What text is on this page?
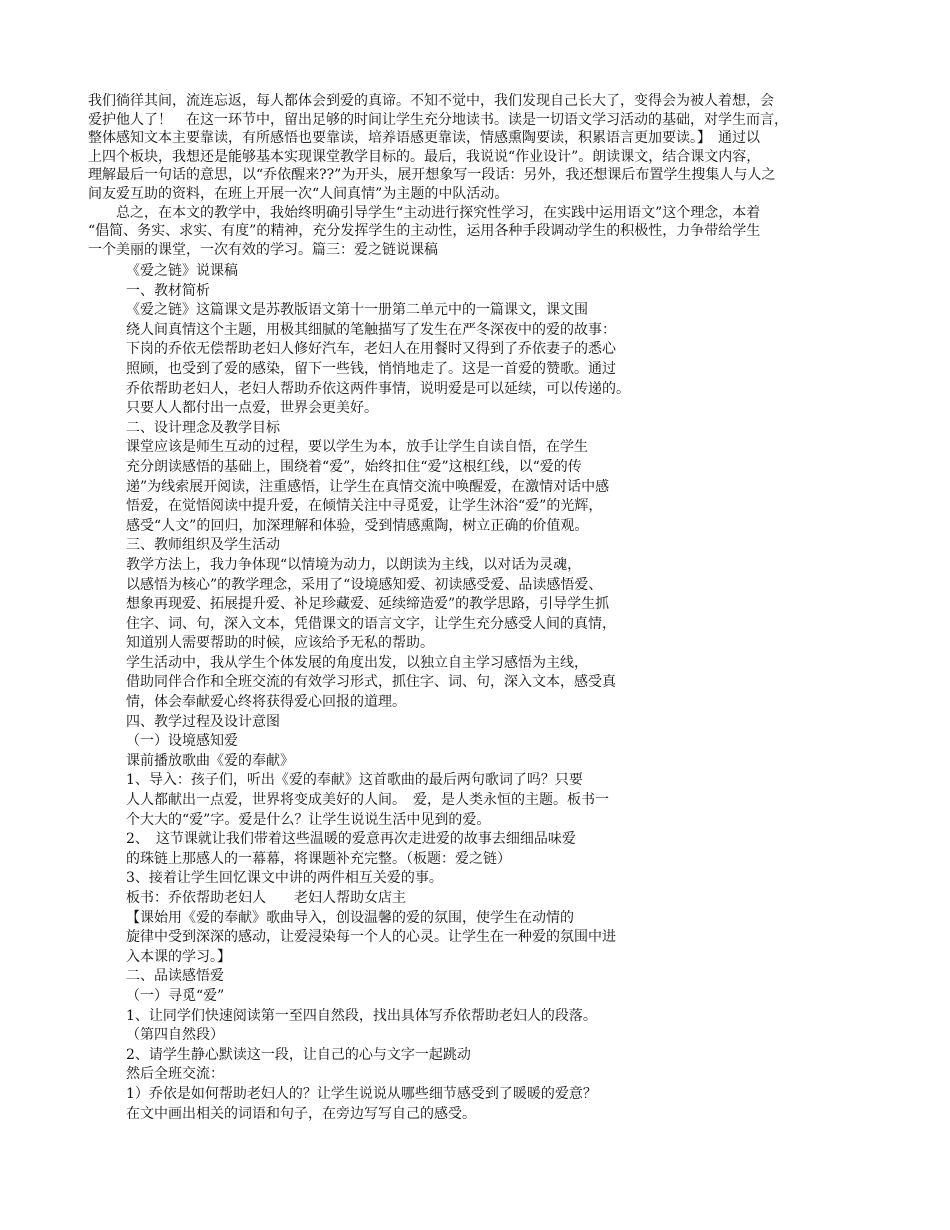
我们徜徉其间，流连忘返，每人都体会到爱的真谛。不知不觉中，我们发现自己长大了，变得会为被人着想，会
爱护他人了！　在这一环节中，留出足够的时间让学生充分地读书。读是一切语文学习活动的基础，对学生而言，
整体感知文本主要靠读，有所感悟也要靠读，培养语感更靠读，情感熏陶要读，积累语言更加要读。】　通过以
上四个板块，我想还是能够基本实现课堂教学目标的。最后，我说说“作业设计”。朗读课文，结合课文内容，
理解最后一句话的意思，以“乔依醒来??”为开头，展开想象写一段话：另外，我还想课后布置学生搜集人与人之
间友爱互助的资料，在班上开展一次“人间真情”为主题的中队活动。
　　总之，在本文的教学中，我始终明确引导学生“主动进行探究性学习，在实践中运用语文”这个理念，本着
“倡简、务实、求实、有度”的精神，充分发挥学生的主动性，运用各种手段调动学生的积极性，力争带给学生
一个美丽的课堂，一次有效的学习。篇三：爱之链说课稿
《爱之链》说课稿
一、教材简析
《爱之链》这篇课文是苏教版语文第十一册第二单元中的一篇课文，课文围
绕人间真情这个主题，用极其细腻的笔触描写了发生在严冬深夜中的爱的故事：
下岗的乔依无偿帮助老妇人修好汽车，老妇人在用餐时又得到了乔依妻子的悉心
照顾，也受到了爱的感染，留下一些钱，悄悄地走了。这是一首爱的赞歌。通过
乔依帮助老妇人，老妇人帮助乔依这两件事情，说明爱是可以延续，可以传递的。
只要人人都付出一点爱，世界会更美好。
二、设计理念及教学目标
课堂应该是师生互动的过程，要以学生为本，放手让学生自读自悟，在学生
充分朗读感悟的基础上，围绕着“爱”，始终扣住“爱”这根红线，以“爱的传
递”为线索展开阅读，注重感悟，让学生在真情交流中唤醒爱，在激情对话中感
悟爱，在觉悟阅读中提升爱，在倾情关注中寻觅爱，让学生沐浴“爱”的光辉，
感受“人文”的回归，加深理解和体验，受到情感熏陶，树立正确的价值观。
三、教师组织及学生活动
教学方法上，我力争体现“以情境为动力，以朗读为主线，以对话为灵魂，
以感悟为核心”的教学理念，采用了“设境感知爱、初读感受爱、品读感悟爱、
想象再现爱、拓展提升爱、补足珍藏爱、延续缔造爱”的教学思路，引导学生抓
住字、词、句，深入文本，凭借课文的语言文字，让学生充分感受人间的真情，
知道别人需要帮助的时候，应该给予无私的帮助。
学生活动中，我从学生个体发展的角度出发，以独立自主学习感悟为主线，
借助同伴合作和全班交流的有效学习形式，抓住字、词、句，深入文本，感受真
情，体会奉献爱心终将获得爱心回报的道理。
四、教学过程及设计意图
（一）设境感知爱
课前播放歌曲《爱的奉献》
1、导入：孩子们，听出《爱的奉献》这首歌曲的最后两句歌词了吗？只要
人人都献出一点爱，世界将变成美好的人间。　爱，是人类永恒的主题。板书一
个大大的“爱”字。爱是什么？让学生说说生活中见到的爱。
2、　这节课就让我们带着这些温暖的爱意再次走进爱的故事去细细品味爱
的珠链上那感人的一幕幕，将课题补充完整。（板题：爱之链）
3、接着让学生回忆课文中讲的两件相互关爱的事。
板书：乔依帮助老妇人　　老妇人帮助女店主
【课始用《爱的奉献》歌曲导入，创设温馨的爱的氛围，使学生在动情的
旋律中受到深深的感动，让爱浸染每一个人的心灵。让学生在一种爱的氛围中进
入本课的学习。】
二、品读感悟爱
（一）寻觅“爱”
1、让同学们快速阅读第一至四自然段，找出具体写乔依帮助老妇人的段落。
（第四自然段）
2、请学生静心默读这一段，让自己的心与文字一起跳动
然后全班交流：
1）乔依是如何帮助老妇人的？让学生说说从哪些细节感受到了暖暖的爱意？
在文中画出相关的词语和句子，在旁边写写自己的感受。
